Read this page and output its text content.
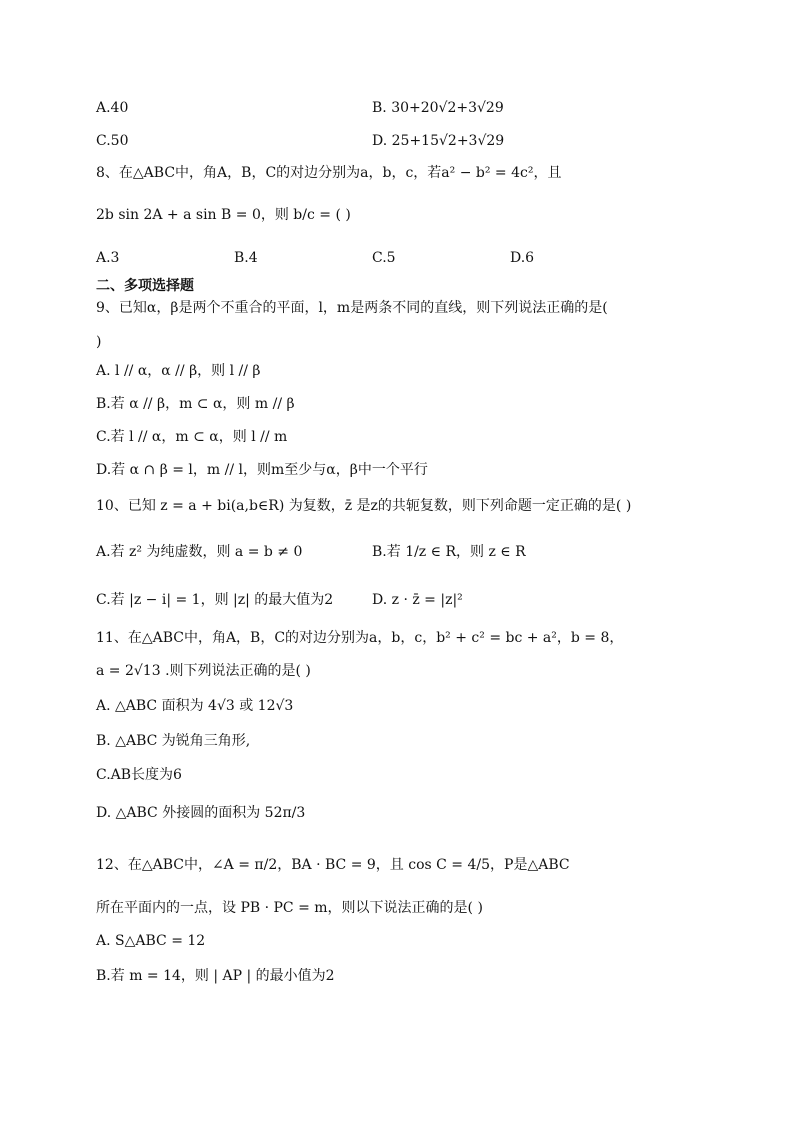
A.40	B. 30+20√2+3√29
C.50	D. 25+15√2+3√29
8、在△ABC中，角A，B，C的对边分别为a，b，c，若a² − b² = 4c²，且
2b sin 2A + a sin B = 0，则 b/c = ( )
A.3	B.4	C.5	D.6
二、多项选择题
9、已知α，β是两个不重合的平面，l，m是两条不同的直线，则下列说法正确的是(
)
A. l // α，α // β，则 l // β
B.若 α // β，m ⊂ α，则 m // β
C.若 l // α，m ⊂ α，则 l // m
D.若 α ∩ β = l，m // l，则m至少与α，β中一个平行
10、已知 z = a + bi(a,b∈R) 为复数，z̄ 是z的共轭复数，则下列命题一定正确的是( )
A.若 z² 为纯虚数，则 a = b ≠ 0	B.若 1/z ∈ R，则 z ∈ R
C.若 |z − i| = 1，则 |z| 的最大值为2	D. z · z̄ = |z|²
11、在△ABC中，角A，B，C的对边分别为a，b，c，b² + c² = bc + a²，b = 8，
a = 2√13 .则下列说法正确的是( )
A. △ABC 面积为 4√3 或 12√3
B. △ABC 为锐角三角形,
C.AB长度为6
D. △ABC 外接圆的面积为 52π/3
12、在△ABC中，∠A = π/2，BA · BC = 9，且 cos C = 4/5，P是△ABC
所在平面内的一点，设 PB · PC = m，则以下说法正确的是( )
A. S△ABC = 12
B.若 m = 14，则 | AP | 的最小值为2
